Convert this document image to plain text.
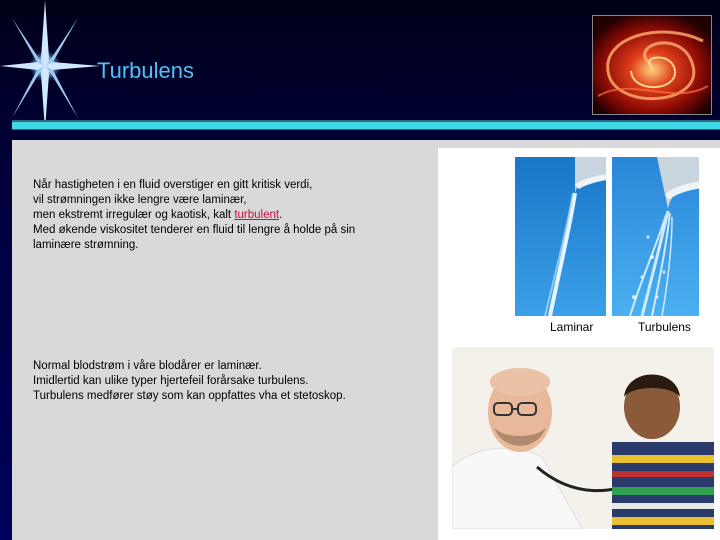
Turbulens
Når hastigheten i en fluid overstiger en gitt kritisk verdi,
vil strømningen ikke lengre være laminær,
men ekstremt irregulær og kaotisk, kalt turbulent.
Med økende viskositet tenderer en fluid til lengre å holde på sin
laminære strømning.
Normal blodstrøm i våre blodårer er laminær.
Imidlertid kan ulike typer hjertefeil forårsake turbulens.
Turbulens medfører støy som kan oppfattes vha et stetoskop.
Laminar	Turbulens
